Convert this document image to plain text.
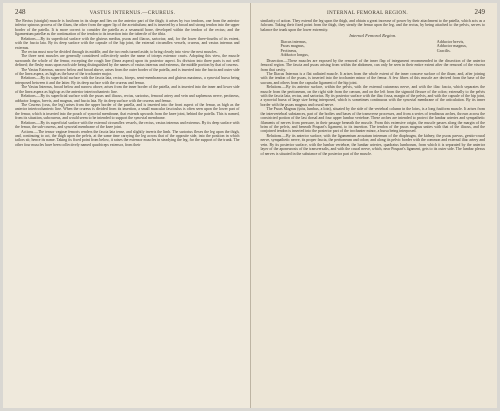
248	VASTUS INTERNUS.—CRUREUS.

The Rectus (straight) muscle is fusiform in its shape and lies on the anterior part of the thigh; it arises by two tendons, one from the anterior inferior spinous process of the ilium, the other from the upper lip of the acetabulum; and is inserted by a broad and strong tendon into the upper border of the patella. It is more correct to consider the patella as a sesamoid bone, developed within the tendon of the rectus; and the ligamentum patellæ as the continuation of the tendon to its insertion into the tubercle of the tibia.

Relations.—By its superficial surface with the gluteus medius, psoas and iliacus, sartorius; and, for the lower three-fourths of its extent, with the fascia lata. By its deep surface with the capsule of the hip joint, the external circumflex vessels, crureus, and vastus internus and externus.

The rectus must now be divided through its middle, and the two ends turned aside, to bring clearly into view the next muscles.

The three next muscles are generally considered collectively under the name of triceps extensor cruris. Adopting this view, the muscle surrounds the whole of the femur, excepting the rough line (linea aspera) upon its posterior aspect. Its division into three parts is not well defined; the fleshy mass upon each side being distinguished by the names of vastus internus and externus, the middle portion by that of crureus.

The Vastus Externus, narrow below and broad above, arises from the outer border of the patella, and is inserted into the fascia and outer side of the linea aspera, as high as the base of the trochanter major.

Relations.—By its superficial surface with the fascia lata, rectus, biceps, semi-membranosus and gluteus maximus, a synovial bursa being interposed between it and the latter. By its deep surface with the crureus and femur.

The Vastus Internus, broad below and narrow above, arises from the inner border of the patella, and is inserted into the inner and lower side of the linea aspera as high up as the anterior intertrochanteric line.

Relations.—By its superficial surface with the psoas and iliacus, rectus, sartorius, femoral artery and vein and saphenous nerve, pectineus, adductor longus, brevis, and magnus, and fascia lata. By its deep surface with the crureus and femur.

The Crureus (crus, the leg) arises from the upper border of the patella, and is inserted into the front aspect of the femur, as high as the anterior intertrochanteric line. When the crureus is divided from its insertion, a small muscular fasciculus is often seen upon the lower part of the femur, which is inserted into the pouch of synovial membrane, that extends upwards from the knee joint, behind the patella. This is named, from its situation, subcrureus, and would seem to be intended to support the synovial membrane.

Relations.—By its superficial surface with the external circumflex vessels, the rectus, vastus internus and externus. By its deep surface with the femur, the sub-crureus, and synovial membrane of the knee joint.

Actions.—The tensor vaginæ femoris renders the fascia lata tense, and slightly inverts the limb. The sartorius flexes the leg upon the thigh, and, continuing to act, the thigh upon the pelvis, at the same time carrying the leg across that of the opposite side, into the position in which tailors sit; hence its name. Taking its fixed point from below, it raises the extensor muscles in steadying the leg, for the support of the trunk. The other four muscles have been collectively named quadriceps extensor, from their

INTERNAL FEMORAL REGION.	249

similarity of action. They extend the leg upon the thigh, and obtain a great increase of power by their attachment to the patella, which acts as a fulcrum. Taking their fixed point from the thigh, they steady the femur upon the leg, and the rectus, by being attached to the pelvis, serves to balance the trunk upon the lower extremity.

Internal Femoral Region.
Iliacus internus,
Psoas magnus,
Pectineus,
Adductor longus,
Adductor brevis,
Adductor magnus,
Gracilis.

Dissection.—These muscles are exposed by the removal of the inner flap of integument recommended in the dissection of the anterior femoral region. The fascia and psoas arising from within the abdomen, can only be seen in their entire extent after the removal of the viscera from that cavity.

The Iliacus Internus is a flat radiated muscle. It arises from the whole extent of the inner concave surface of the ilium; and, after joining with the tendon of the psoas, is inserted into the trochanter minor of the femur. A few fibres of this muscle are derived from the base of the sacrum, and others from the capsular ligament of the hip joint.

Relations.—By its anterior surface, within the pelvis, with the external cutaneous nerve, and with the iliac fascia, which separates the muscle from the peritoneum, on the right side from the cæcum, and on the left from the sigmoid flexure of the colon; externally to the pelvis with the fascia lata, rectus, and sartorius. By its posterior surface with the iliac fossa, margin of the pelvis, and with the capsule of the hip joint, a synovial bursa of large size being interposed, which is sometimes continuous with the synovial membrane of the articulation. By its inner border with the psoas magnus and crural nerve.

The Psoas Magnus (ψόα, lumbus, a loin), situated by the side of the vertebral column in the loins, is a long fusiform muscle. It arises from the intervertebral substances, part of the bodies and bases of the transverse processes, and from a series of tendinous arches, thrown across the constricted portion of the last dorsal and four upper lumbar vertebræ. These arches are intended to protect the lumbar arteries and sympathetic filaments of nerves from pressure, in their passage beneath the muscle. From this extensive origin, the muscle passes along the margin of the brim of the pelvis, and beneath Poupart's ligament, to its insertion. The tendon of the psoas magnus unites with that of the iliacus, and the conjoined tendon is inserted into the posterior part of the trochanter minor, a bursa being interposed.

Relations.—By its anterior surface, with the ligamentum arcuatum internum of the diaphragm, the kidney, the psoas parvus, genito-crural nerve, sympathetic nerve, its proper fascia, the peritoneum and colon; and along its pelvic border with the common and external iliac artery and vein. By its posterior surface, with the lumbar vertebræ, the lumbar arteries, quadratus lumborum, from which it is separated by the anterior layer of the aponeurosis of the transversalis, and with the crural nerve, which, near Poupart's ligament, gets to its outer side. The lumbar plexus of nerves is situated in the substance of the posterior part of the muscle.
